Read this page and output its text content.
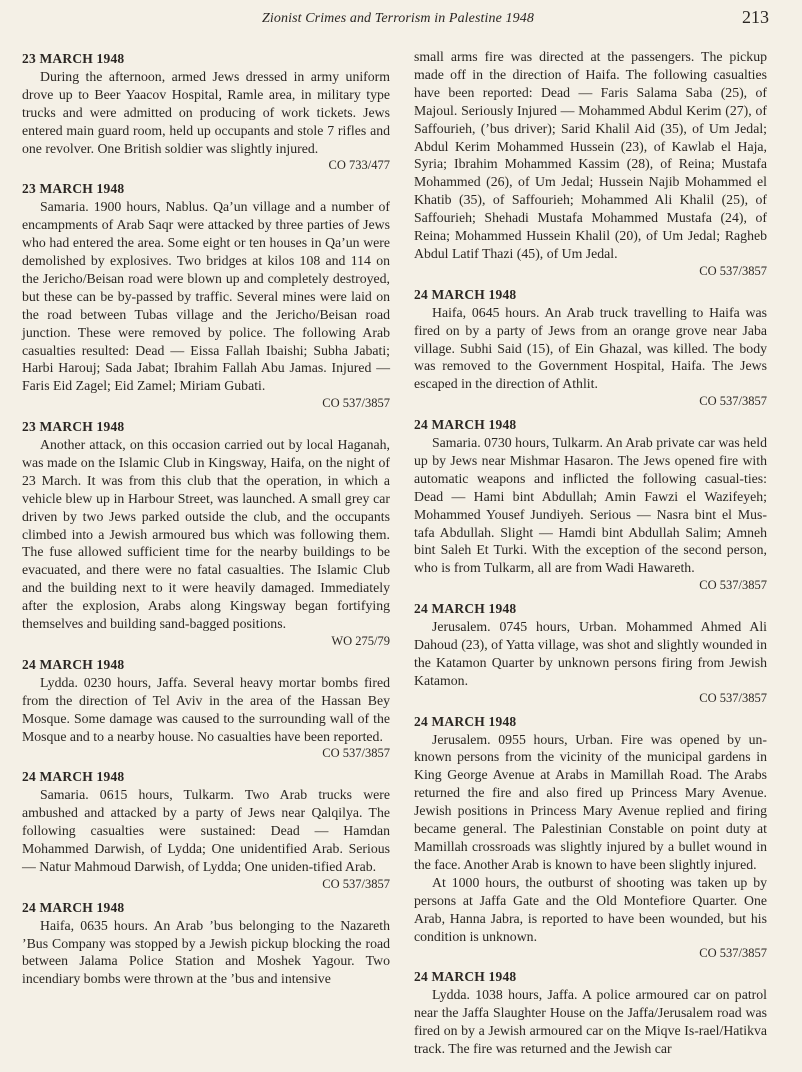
Zionist Crimes and Terrorism in Palestine 1948	213
23 MARCH 1948

During the afternoon, armed Jews dressed in army uniform drove up to Beer Yaacov Hospital, Ramle area, in military type trucks and were admitted on producing of work tickets. Jews entered main guard room, held up occupants and stole 7 rifles and one revolver. One British soldier was slightly injured.

CO 733/477
23 MARCH 1948

Samaria. 1900 hours, Nablus. Qa’un village and a number of encampments of Arab Saqr were attacked by three parties of Jews who had entered the area. Some eight or ten houses in Qa’un were demolished by explosives. Two bridges at kilos 108 and 114 on the Jericho/Beisan road were blown up and completely destroyed, but these can be by-passed by traffic. Several mines were laid on the road between Tubas village and the Jericho/Beisan road junction. These were removed by police. The following Arab casualties resulted: Dead — Eissa Fallah Ibaishi; Subha Jabati; Harbi Harouj; Sada Jabat; Ibrahim Fallah Abu Jamas. Injured — Faris Eid Zagel; Eid Zamel; Miriam Gubati.

CO 537/3857
23 MARCH 1948

Another attack, on this occasion carried out by local Haganah, was made on the Islamic Club in Kingsway, Haifa, on the night of 23 March. It was from this club that the operation, in which a vehicle blew up in Harbour Street, was launched. A small grey car driven by two Jews parked outside the club, and the occupants climbed into a Jewish armoured bus which was following them. The fuse allowed sufficient time for the nearby buildings to be evacuated, and there were no fatal casualties. The Islamic Club and the building next to it were heavily damaged. Immediately after the explosion, Arabs along Kingsway began fortifying themselves and building sand-bagged positions.

WO 275/79
24 MARCH 1948

Lydda. 0230 hours, Jaffa. Several heavy mortar bombs fired from the direction of Tel Aviv in the area of the Hassan Bey Mosque. Some damage was caused to the surrounding wall of the Mosque and to a nearby house. No casualties have been reported.

CO 537/3857
24 MARCH 1948

Samaria. 0615 hours, Tulkarm. Two Arab trucks were ambushed and attacked by a party of Jews near Qalqilya. The following casualties were sustained: Dead — Hamdan Mohammed Darwish, of Lydda; One unidentified Arab. Serious — Natur Mahmoud Darwish, of Lydda; One uniden-tified Arab.

CO 537/3857
24 MARCH 1948

Haifa, 0635 hours. An Arab ’bus belonging to the Nazareth ’Bus Company was stopped by a Jewish pickup blocking the road between Jalama Police Station and Moshek Yagour. Two incendiary bombs were thrown at the ’bus and intensive

small arms fire was directed at the passengers. The pickup made off in the direction of Haifa. The following casualties have been reported: Dead — Faris Salama Saba (25), of Majoul. Seriously Injured — Mohammed Abdul Kerim (27), of Saffourieh, (’bus driver); Sarid Khalil Aid (35), of Um Jedal; Abdul Kerim Mohammed Hussein (23), of Kawlab el Haja, Syria; Ibrahim Mohammed Kassim (28), of Reina; Mustafa Mohammed (26), of Um Jedal; Hussein Najib Mohammed el Khatib (35), of Saffourieh; Mohammed Ali Khalil (25), of Saffourieh; Shehadi Mustafa Mohammed Mustafa (24), of Reina; Mohammed Hussein Khalil (20), of Um Jedal; Ragheb Abdul Latif Thazi (45), of Um Jedal.

CO 537/3857
24 MARCH 1948

Haifa, 0645 hours. An Arab truck travelling to Haifa was fired on by a party of Jews from an orange grove near Jaba village. Subhi Said (15), of Ein Ghazal, was killed. The body was removed to the Government Hospital, Haifa. The Jews escaped in the direction of Athlit.

CO 537/3857
24 MARCH 1948

Samaria. 0730 hours, Tulkarm. An Arab private car was held up by Jews near Mishmar Hasaron. The Jews opened fire with automatic weapons and inflicted the following casual-ties: Dead — Hami bint Abdullah; Amin Fawzi el Wazifeyeh; Mohammed Yousef Jundiyeh. Serious — Nasra bint el Mus-tafa Abdullah. Slight — Hamdi bint Abdullah Salim; Amneh bint Saleh Et Turki. With the exception of the second person, who is from Tulkarm, all are from Wadi Hawareth.

CO 537/3857
24 MARCH 1948

Jerusalem. 0745 hours, Urban. Mohammed Ahmed Ali Dahoud (23), of Yatta village, was shot and slightly wounded in the Katamon Quarter by unknown persons firing from Jewish Katamon.

CO 537/3857
24 MARCH 1948

Jerusalem. 0955 hours, Urban. Fire was opened by un-known persons from the vicinity of the municipal gardens in King George Avenue at Arabs in Mamillah Road. The Arabs returned the fire and also fired up Princess Mary Avenue. Jewish positions in Princess Mary Avenue replied and firing became general. The Palestinian Constable on point duty at Mamillah crossroads was slightly injured by a bullet wound in the face. Another Arab is known to have been slightly injured.

At 1000 hours, the outburst of shooting was taken up by persons at Jaffa Gate and the Old Montefiore Quarter. One Arab, Hanna Jabra, is reported to have been wounded, but his condition is unknown.

CO 537/3857
24 MARCH 1948

Lydda. 1038 hours, Jaffa. A police armoured car on patrol near the Jaffa Slaughter House on the Jaffa/Jerusalem road was fired on by a Jewish armoured car on the Miqve Is-rael/Hatikva track. The fire was returned and the Jewish car
